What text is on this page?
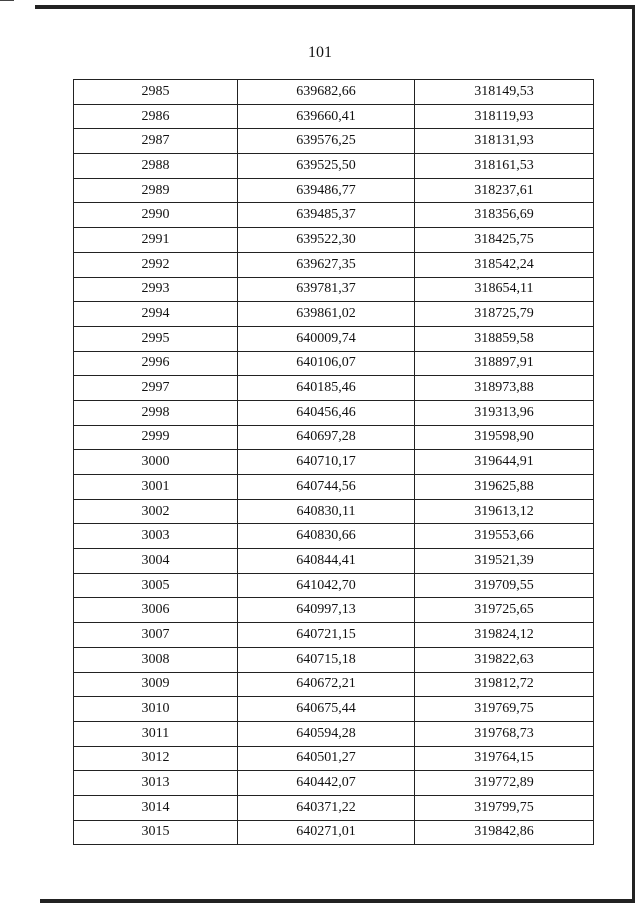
101
2985	639682,66	318149,53
2986	639660,41	318119,93
2987	639576,25	318131,93
2988	639525,50	318161,53
2989	639486,77	318237,61
2990	639485,37	318356,69
2991	639522,30	318425,75
2992	639627,35	318542,24
2993	639781,37	318654,11
2994	639861,02	318725,79
2995	640009,74	318859,58
2996	640106,07	318897,91
2997	640185,46	318973,88
2998	640456,46	319313,96
2999	640697,28	319598,90
3000	640710,17	319644,91
3001	640744,56	319625,88
3002	640830,11	319613,12
3003	640830,66	319553,66
3004	640844,41	319521,39
3005	641042,70	319709,55
3006	640997,13	319725,65
3007	640721,15	319824,12
3008	640715,18	319822,63
3009	640672,21	319812,72
3010	640675,44	319769,75
3011	640594,28	319768,73
3012	640501,27	319764,15
3013	640442,07	319772,89
3014	640371,22	319799,75
3015	640271,01	319842,86
